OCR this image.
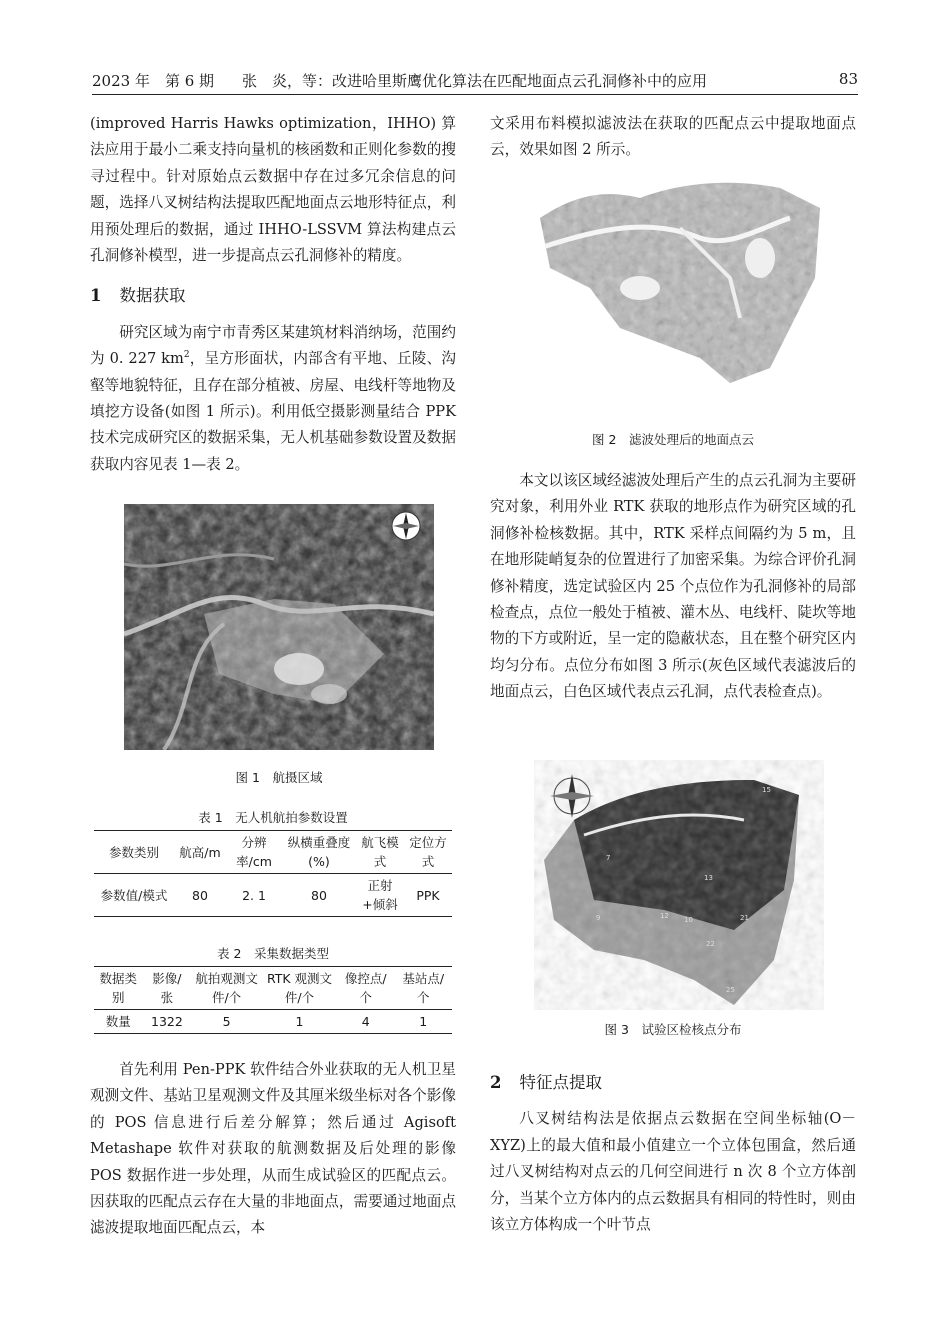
2023 年　第 6 期 张　炎，等：改进哈里斯鹰优化算法在匹配地面点云孔洞修补中的应用	83

(improved Harris Hawks optimization，IHHO) 算法应用于最小二乘支持向量机的核函数和正则化参数的搜寻过程中。针对原始点云数据中存在过多冗余信息的问题，选择八叉树结构法提取匹配地面点云地形特征点，利用预处理后的数据，通过 IHHO-LSSVM 算法构建点云孔洞修补模型，进一步提高点云孔洞修补的精度。

1 数据获取

研究区域为南宁市青秀区某建筑材料消纳场，范围约为 0. 227 $km^2$，呈方形面状，内部含有平地、丘陵、沟壑等地貌特征，且存在部分植被、房屋、电线杆等地物及填挖方设备(如图 1 所示)。利用低空摄影测量结合 PPK 技术完成研究区的数据采集，无人机基础参数设置及数据获取内容见表 1—表 2。

图 1　航摄区域
表 1　无人机航拍参数设置
参数类别	航高/m	分辨率/cm	纵横重叠度(%)	航飞模式	定位方式
参数值/模式	80	2. 1	80	正射+倾斜	PPK
表 2　采集数据类型
数据类别	影像/张	航拍观测文件/个	RTK 观测文件/个	像控点/个	基站点/个
数量	1322	5	1	4	1

首先利用 Pen-PPK 软件结合外业获取的无人机卫星观测文件、基站卫星观测文件及其厘米级坐标对各个影像的 POS 信息进行后差分解算；然后通过 Agisoft Metashape 软件对获取的航测数据及后处理的影像 POS 数据作进一步处理，从而生成试验区的匹配点云。因获取的匹配点云存在大量的非地面点，需要通过地面点滤波提取地面匹配点云，本

文采用布料模拟滤波法在获取的匹配点云中提取地面点云，效果如图 2 所示。

图 2　滤波处理后的地面点云

本文以该区域经滤波处理后产生的点云孔洞为主要研究对象，利用外业 RTK 获取的地形点作为研究区域的孔洞修补检核数据。其中，RTK 采样点间隔约为 5 m，且在地形陡峭复杂的位置进行了加密采集。为综合评价孔洞修补精度，选定试验区内 25 个点位作为孔洞修补的局部检查点，点位一般处于植被、灌木丛、电线杆、陡坎等地物的下方或附近，呈一定的隐蔽状态，且在整个研究区内均匀分布。点位分布如图 3 所示(灰色区域代表滤波后的地面点云，白色区域代表点云孔洞，点代表检查点)。

15
7
13
9	12 10	21
22
25
图 3　试验区检核点分布
2 特征点提取

八叉树结构法是依据点云数据在空间坐标轴(O－XYZ)上的最大值和最小值建立一个立体包围盒，然后通过八叉树结构对点云的几何空间进行 n 次 8 个立方体剖分，当某个立方体内的点云数据具有相同的特性时，则由该立方体构成一个叶节点
